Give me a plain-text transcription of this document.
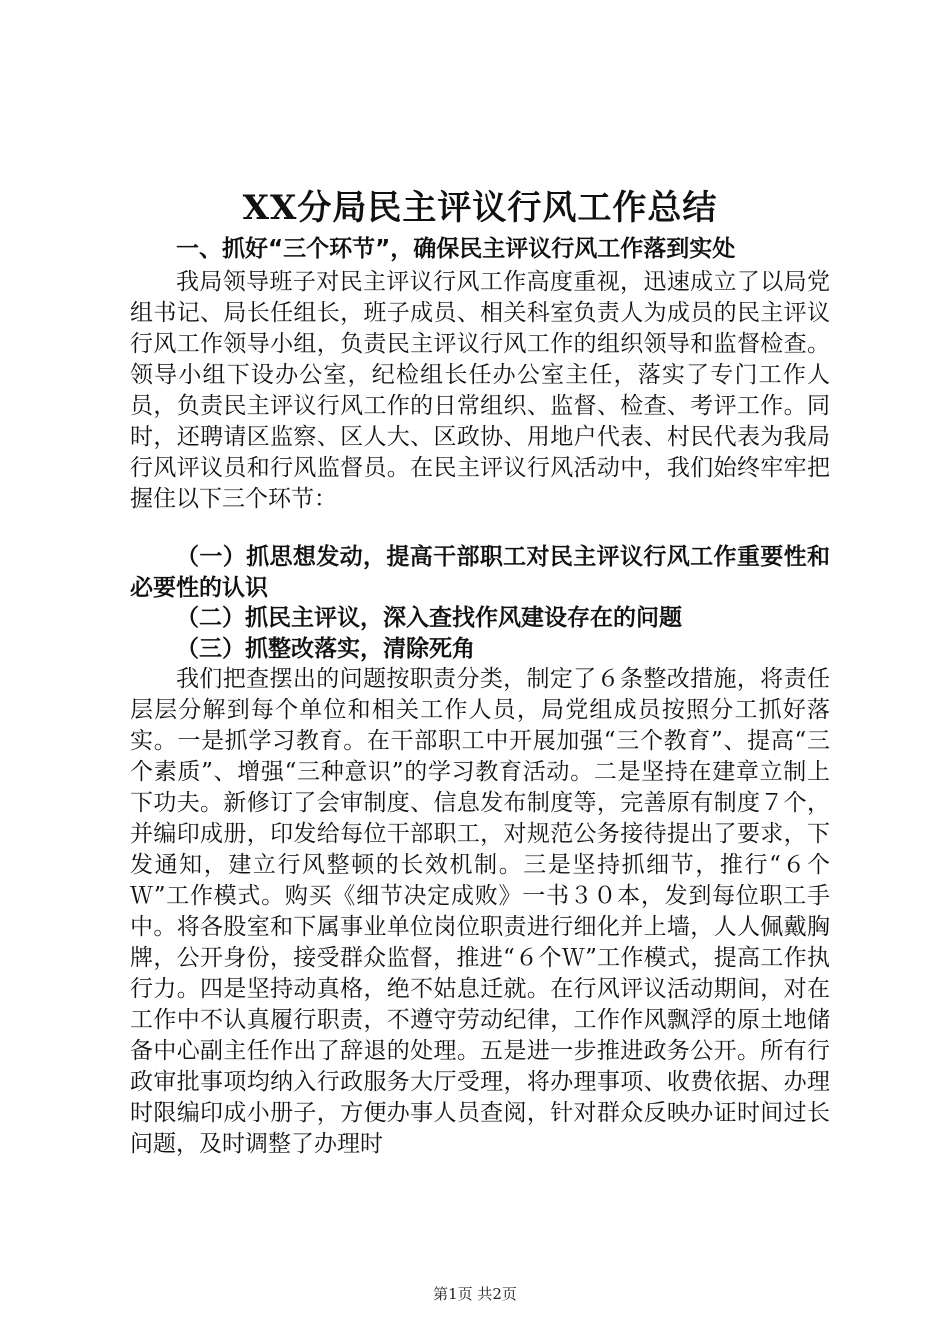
XX分局民主评议行风工作总结
一、抓好“三个环节”，确保民主评议行风工作落到实处
我局领导班子对民主评议行风工作高度重视，迅速成立了以局党组书记、局长任组长，班子成员、相关科室负责人为成员的民主评议行风工作领导小组，负责民主评议行风工作的组织领导和监督检查。领导小组下设办公室，纪检组长任办公室主任，落实了专门工作人员，负责民主评议行风工作的日常组织、监督、检查、考评工作。同时，还聘请区监察、区人大、区政协、用地户代表、村民代表为我局行风评议员和行风监督员。在民主评议行风活动中，我们始终牢牢把握住以下三个环节：
（一）抓思想发动，提高干部职工对民主评议行风工作重要性和必要性的认识
（二）抓民主评议，深入查找作风建设存在的问题
（三）抓整改落实，清除死角
我们把查摆出的问题按职责分类，制定了６条整改措施，将责任层层分解到每个单位和相关工作人员，局党组成员按照分工抓好落实。一是抓学习教育。在干部职工中开展加强“三个教育”、提高“三个素质”、增强“三种意识”的学习教育活动。二是坚持在建章立制上下功夫。新修订了会审制度、信息发布制度等，完善原有制度７个，并编印成册，印发给每位干部职工，对规范公务接待提出了要求，下发通知，建立行风整顿的长效机制。三是坚持抓细节，推行“６个Ｗ”工作模式。购买《细节决定成败》一书３０本，发到每位职工手中。将各股室和下属事业单位岗位职责进行细化并上墙，人人佩戴胸牌，公开身份，接受群众监督，推进“６个Ｗ”工作模式，提高工作执行力。四是坚持动真格，绝不姑息迁就。在行风评议活动期间，对在工作中不认真履行职责，不遵守劳动纪律，工作作风飘浮的原土地储备中心副主任作出了辞退的处理。五是进一步推进政务公开。所有行政审批事项均纳入行政服务大厅受理，将办理事项、收费依据、办理时限编印成小册子，方便办事人员查阅，针对群众反映办证时间过长问题，及时调整了办理时
第1页 共2页
